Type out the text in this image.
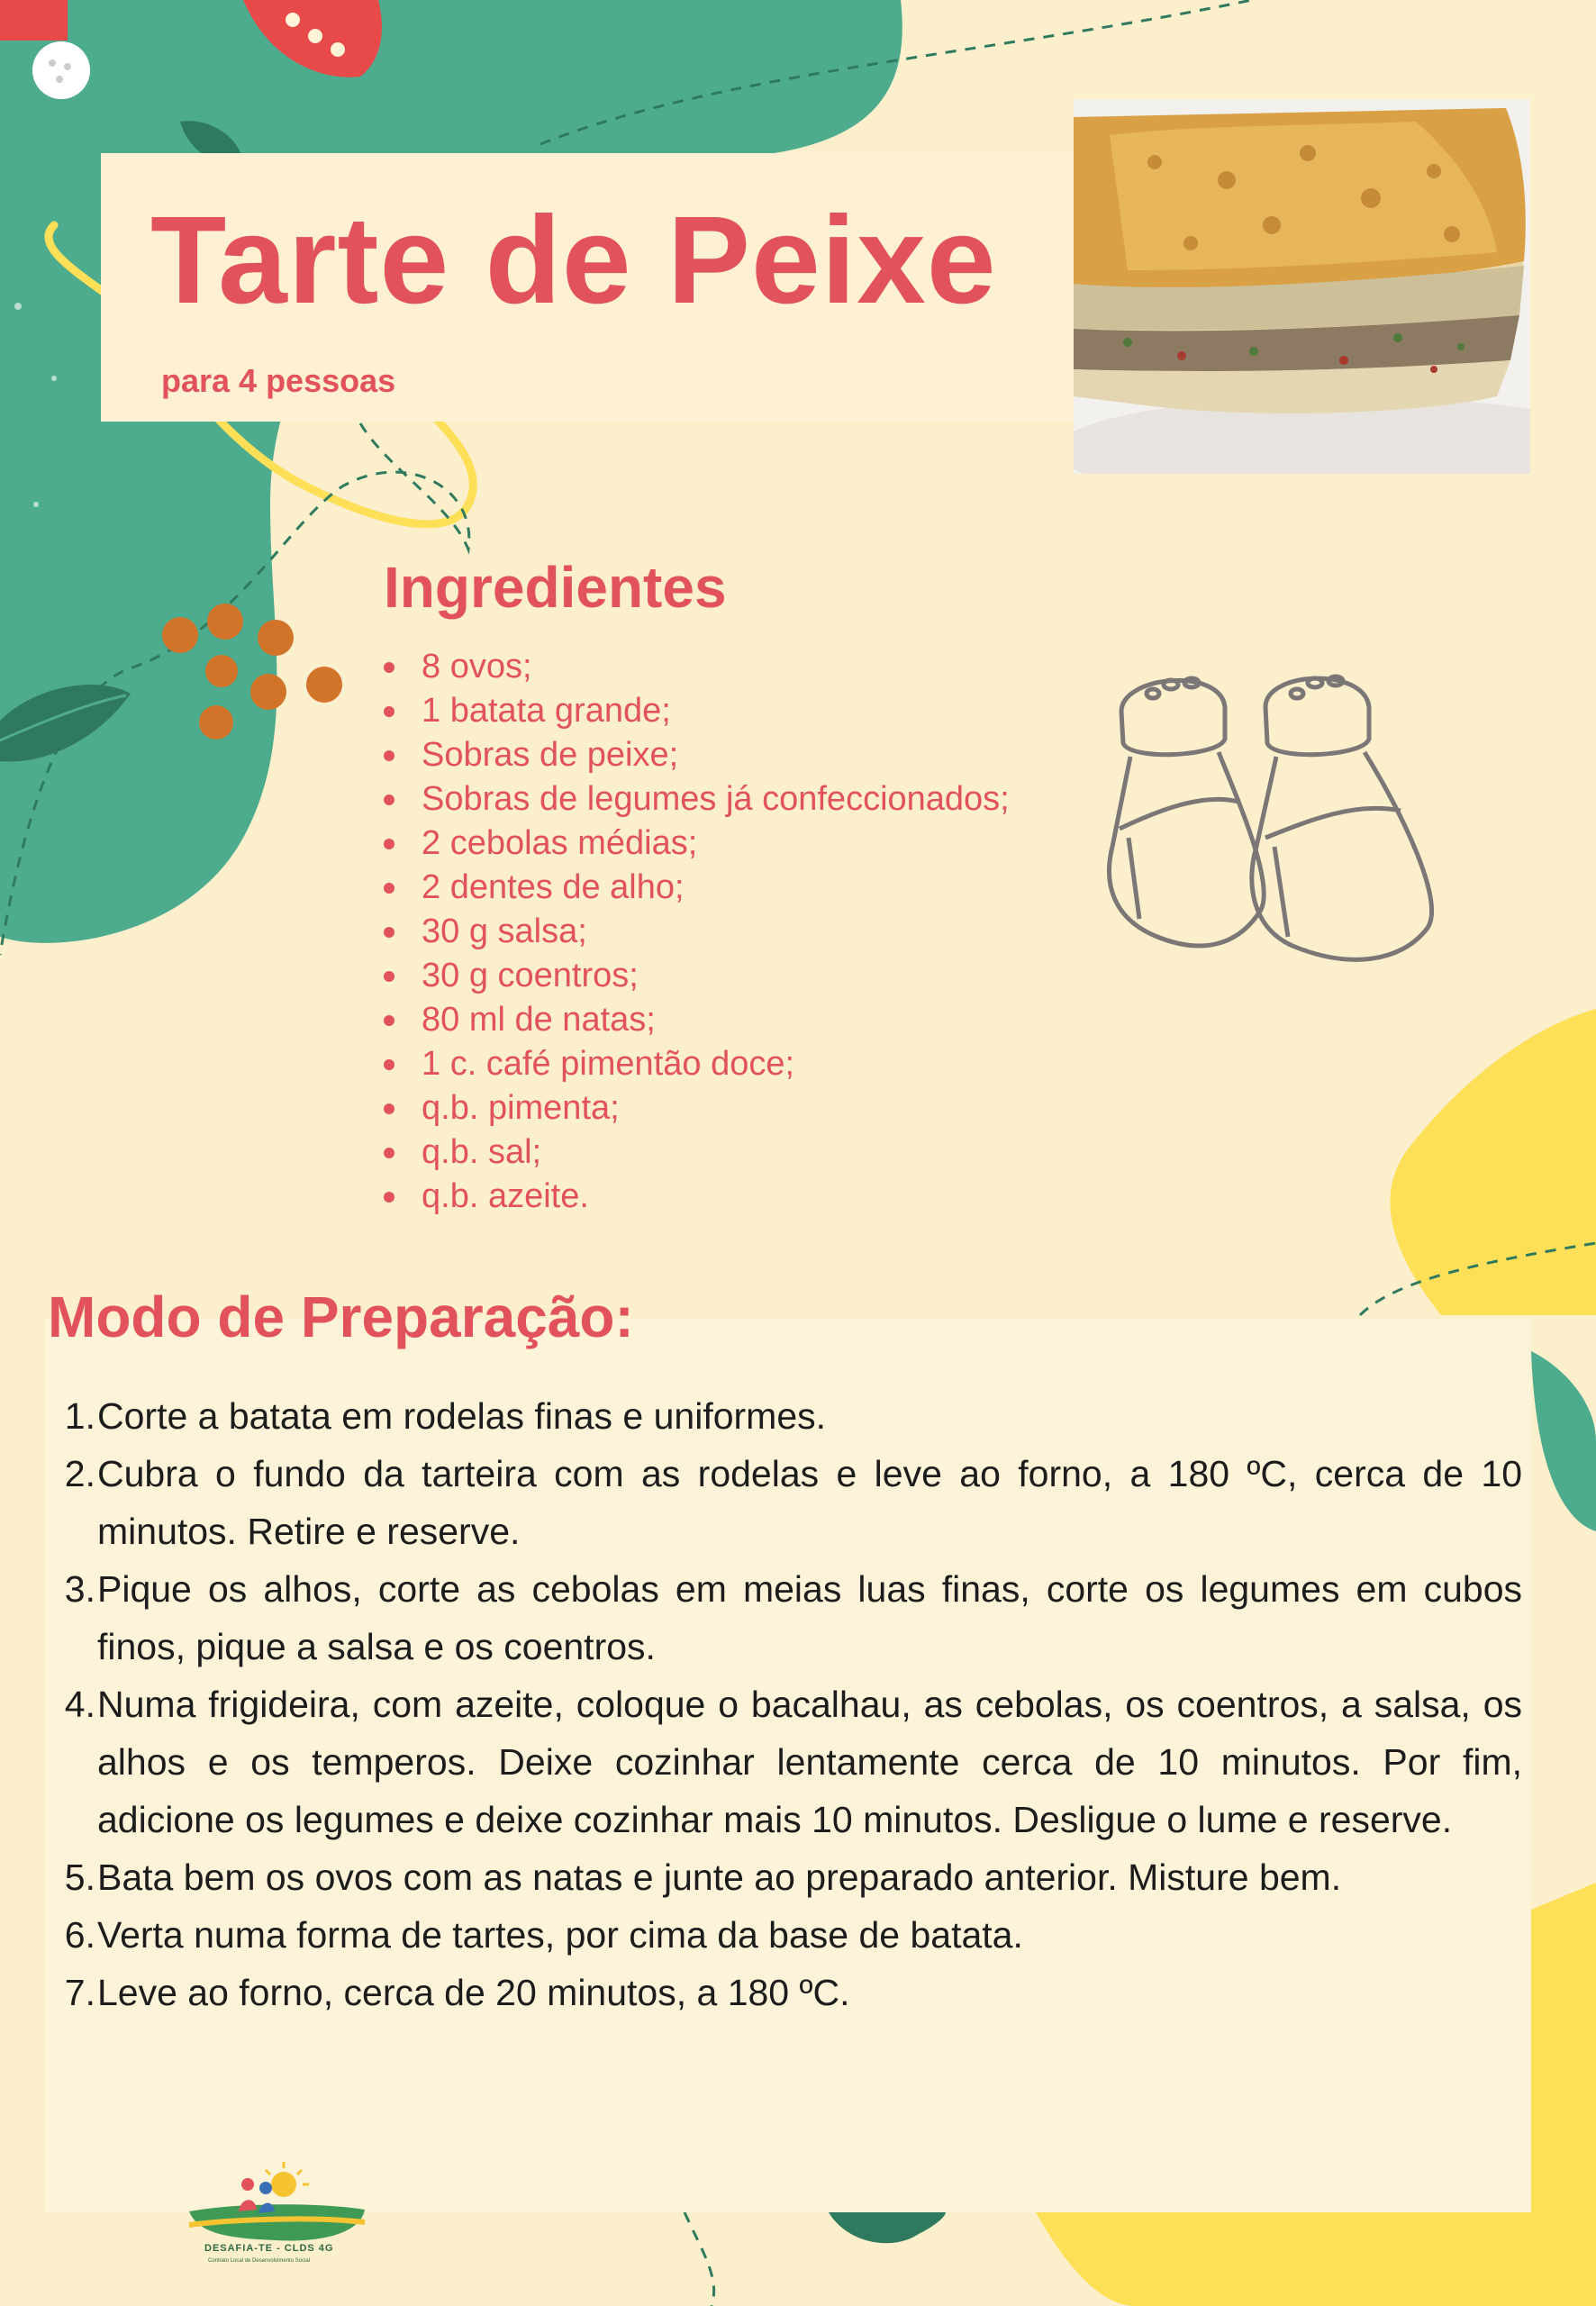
Tarte de Peixe
para 4 pessoas
Ingredientes
8 ovos;
1 batata grande;
Sobras de peixe;
Sobras de legumes já confeccionados;
2 cebolas médias;
2 dentes de alho;
30 g salsa;
30 g coentros;
80 ml de natas;
1 c. café pimentão doce;
q.b. pimenta;
q.b. sal;
q.b. azeite.
Modo de Preparação:
1. Corte a batata em rodelas finas e uniformes.
2. Cubra o fundo da tarteira com as rodelas e leve ao forno, a 180 ºC, cerca de 10 minutos. Retire e reserve.
3. Pique os alhos, corte as cebolas em meias luas finas, corte os legumes em cubos finos, pique a salsa e os coentros.
4. Numa frigideira, com azeite, coloque o bacalhau, as cebolas, os coentros, a salsa, os alhos e os temperos. Deixe cozinhar lentamente cerca de 10 minutos. Por fim, adicione os legumes e deixe cozinhar mais 10 minutos. Desligue o lume e reserve.
5. Bata bem os ovos com as natas e junte ao preparado anterior. Misture bem.
6. Verta numa forma de tartes, por cima da base de batata.
7. Leve ao forno, cerca de 20 minutos, a 180 ºC.
DESAFIA-TE - CLDS 4G
Contrato Local de Desenvolvimento Social
